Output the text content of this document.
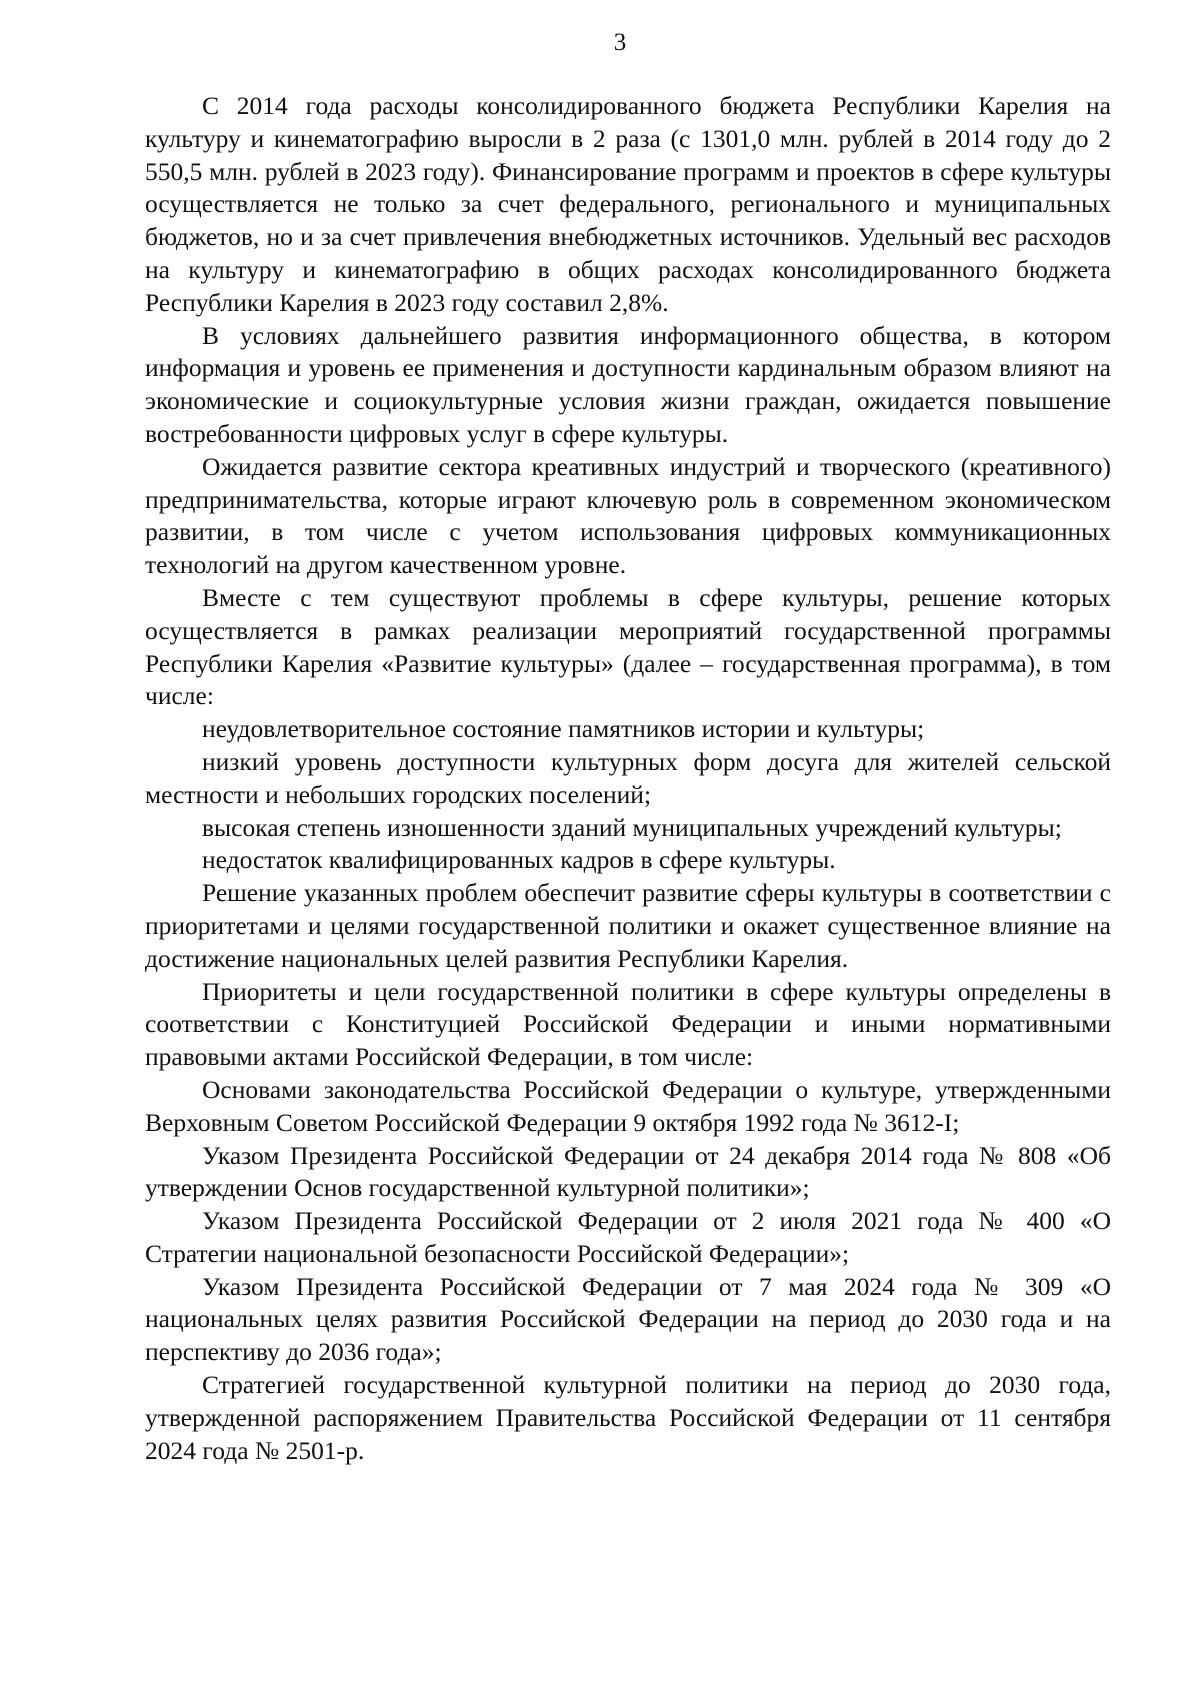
3

С 2014 года расходы консолидированного бюджета Республики Карелия на культуру и кинематографию выросли в 2 раза (с 1301,0 млн. рублей в 2014 году до 2 550,5 млн. рублей в 2023 году). Финансирование программ и проектов в сфере культуры осуществляется не только за счет федерального, регионального и муниципальных бюджетов, но и за счет привлечения внебюджетных источников. Удельный вес расходов на культуру и кинематографию в общих расходах консолидированного бюджета Республики Карелия в 2023 году составил 2,8%.

В условиях дальнейшего развития информационного общества, в котором информация и уровень ее применения и доступности кардинальным образом влияют на экономические и социокультурные условия жизни граждан, ожидается повышение востребованности цифровых услуг в сфере культуры.

Ожидается развитие сектора креативных индустрий и творческого (креативного) предпринимательства, которые играют ключевую роль в современном экономическом развитии, в том числе с учетом использования цифровых коммуникационных технологий на другом качественном уровне.

Вместе с тем существуют проблемы в сфере культуры, решение которых осуществляется в рамках реализации мероприятий государственной программы Республики Карелия «Развитие культуры» (далее – государственная программа), в том числе:

неудовлетворительное состояние памятников истории и культуры;

низкий уровень доступности культурных форм досуга для жителей сельской местности и небольших городских поселений;

высокая степень изношенности зданий муниципальных учреждений культуры;

недостаток квалифицированных кадров в сфере культуры.

Решение указанных проблем обеспечит развитие сферы культуры в соответствии с приоритетами и целями государственной политики и окажет существенное влияние на достижение национальных целей развития Республики Карелия.

Приоритеты и цели государственной политики в сфере культуры определены в соответствии с Конституцией Российской Федерации и иными нормативными правовыми актами Российской Федерации, в том числе:

Основами законодательства Российской Федерации о культуре, утвержденными Верховным Советом Российской Федерации 9 октября 1992 года № 3612-I;

Указом Президента Российской Федерации от 24 декабря 2014 года № 808 «Об утверждении Основ государственной культурной политики»;

Указом Президента Российской Федерации от 2 июля 2021 года № 400 «О Стратегии национальной безопасности Российской Федерации»;

Указом Президента Российской Федерации от 7 мая 2024 года № 309 «О национальных целях развития Российской Федерации на период до 2030 года и на перспективу до 2036 года»;

Стратегией государственной культурной политики на период до 2030 года, утвержденной распоряжением Правительства Российской Федерации от 11 сентября 2024 года № 2501-р.
